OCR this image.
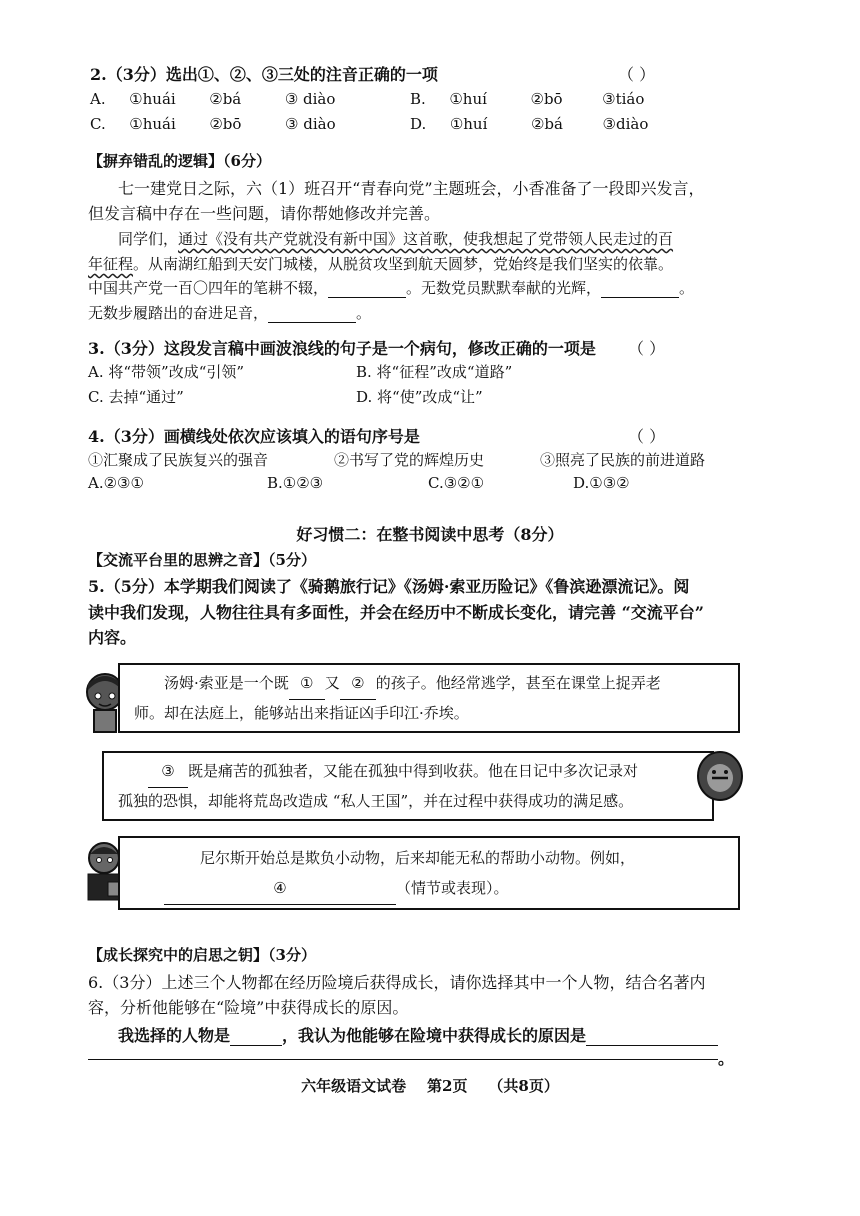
2.（3分）选出①、②、③三处的注音正确的一项	（ ）
A. ①huái ②bá	③ diào	B. ①huí	②bō	③tiáo
C. ①huái ②bō	③ diào	D. ①huí	②bá	③diào
【摒弃错乱的逻辑】（6分）
七一建党日之际，六（1）班召开“青春向党”主题班会，小香准备了一段即兴发言，
但发言稿中存在一些问题，请你帮她修改并完善。
同学们，通过《没有共产党就没有新中国》这首歌，使我想起了党带领人民走过的百
年征程。从南湖红船到天安门城楼，从脱贫攻坚到航天圆梦，党始终是我们坚实的依靠。
中国共产党一百〇四年的笔耕不辍，	。无数党员默默奉献的光辉，	。
无数步履踏出的奋进足音，	。
3.（3分）这段发言稿中画波浪线的句子是一个病句，修改正确的一项是 （ ）
A. 将“带领”改成“引领”	B. 将“征程”改成“道路”
C. 去掉“通过”	D. 将“使”改成“让”
4.（3分）画横线处依次应该填入的语句序号是	（ ）
①汇聚成了民族复兴的强音	②书写了党的辉煌历史	③照亮了民族的前进道路
A.②③①	B.①②③	C.③②①	D.①③②
好习惯二：在整书阅读中思考（8分）
【交流平台里的思辨之音】（5分）
5.（5分）本学期我们阅读了《骑鹅旅行记》《汤姆·索亚历险记》《鲁滨逊漂流记》。阅
读中我们发现，人物往往具有多面性，并会在经历中不断成长变化，请完善 “交流平台”
内容。
汤姆·索亚是一个既 ① 又 ② 的孩子。他经常逃学，甚至在课堂上捉弄老
师。却在法庭上，能够站出来指证凶手印江·乔埃。
③ 既是痛苦的孤独者，又能在孤独中得到收获。他在日记中多次记录对
孤独的恐惧，却能将荒岛改造成 “私人王国”，并在过程中获得成功的满足感。
尼尔斯开始总是欺负小动物，后来却能无私的帮助小动物。例如，
④	（情节或表现）。
【成长探究中的启思之钥】（3分）
6.（3分）上述三个人物都在经历险境后获得成长，请你选择其中一个人物，结合名著内
容，分析他能够在“险境”中获得成长的原因。
我选择的人物是	，我认为他能够在险境中获得成长的原因是
。
六年级语文试卷    第2页    （共8页）
